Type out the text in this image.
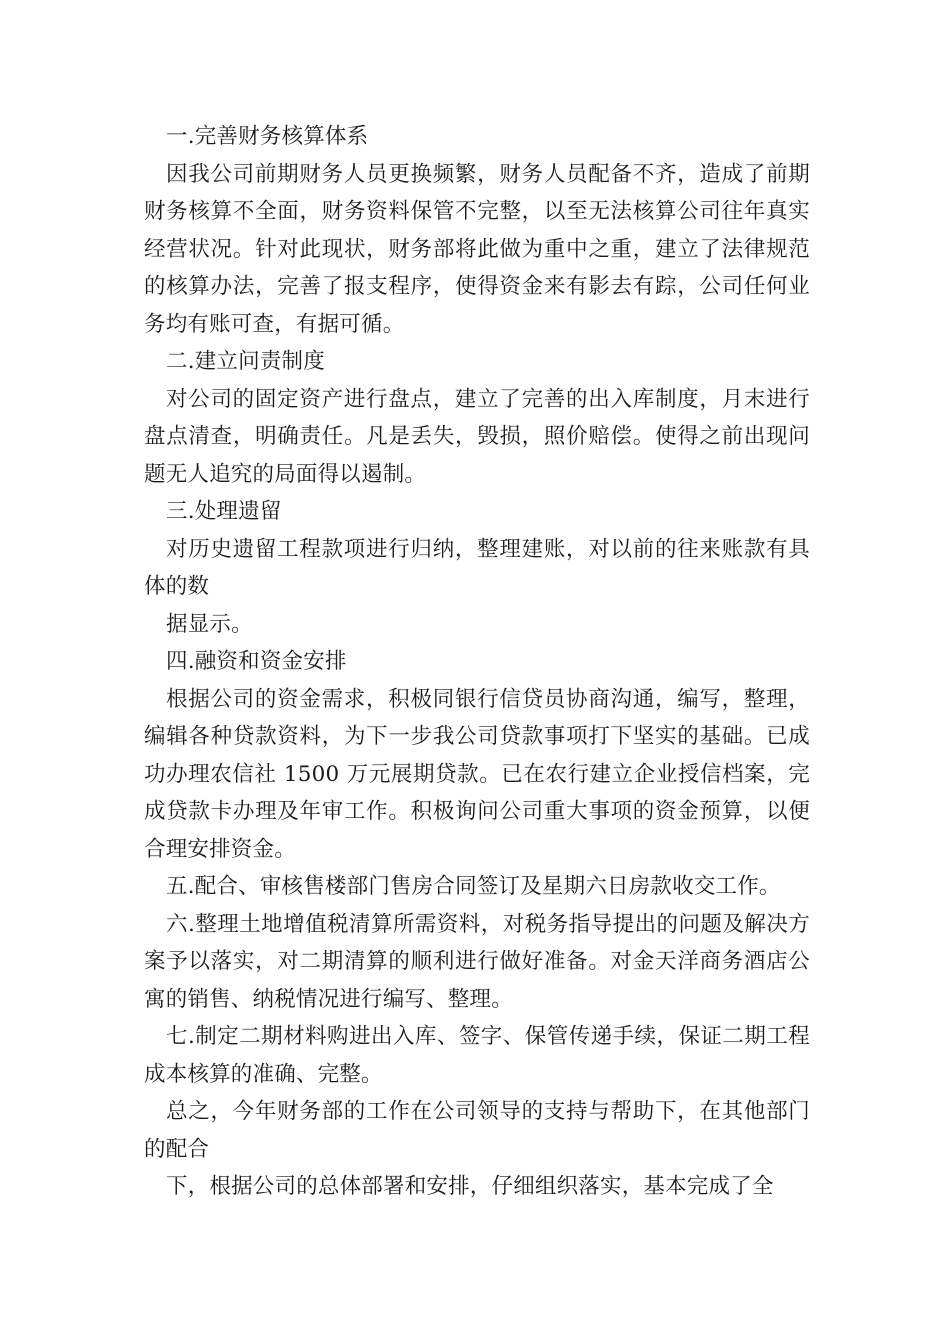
一.完善财务核算体系

因我公司前期财务人员更换频繁，财务人员配备不齐，造成了前期财务核算不全面，财务资料保管不完整，以至无法核算公司往年真实经营状况。针对此现状，财务部将此做为重中之重，建立了法律规范的核算办法，完善了报支程序，使得资金来有影去有踪，公司任何业务均有账可查，有据可循。

二.建立问责制度

对公司的固定资产进行盘点，建立了完善的出入库制度，月末进行盘点清查，明确责任。凡是丢失，毁损，照价赔偿。使得之前出现问题无人追究的局面得以遏制。

三.处理遗留

对历史遗留工程款项进行归纳，整理建账，对以前的往来账款有具体的数

据显示。

四.融资和资金安排

根据公司的资金需求，积极同银行信贷员协商沟通，编写，整理，编辑各种贷款资料，为下一步我公司贷款事项打下坚实的基础。已成功办理农信社 1500 万元展期贷款。已在农行建立企业授信档案，完成贷款卡办理及年审工作。积极询问公司重大事项的资金预算，以便合理安排资金。

五.配合、审核售楼部门售房合同签订及星期六日房款收交工作。

六.整理土地增值税清算所需资料，对税务指导提出的问题及解决方案予以落实，对二期清算的顺利进行做好准备。对金天洋商务酒店公寓的销售、纳税情况进行编写、整理。

七.制定二期材料购进出入库、签字、保管传递手续，保证二期工程成本核算的准确、完整。

总之，今年财务部的工作在公司领导的支持与帮助下，在其他部门的配合

下，根据公司的总体部署和安排，仔细组织落实，基本完成了全
